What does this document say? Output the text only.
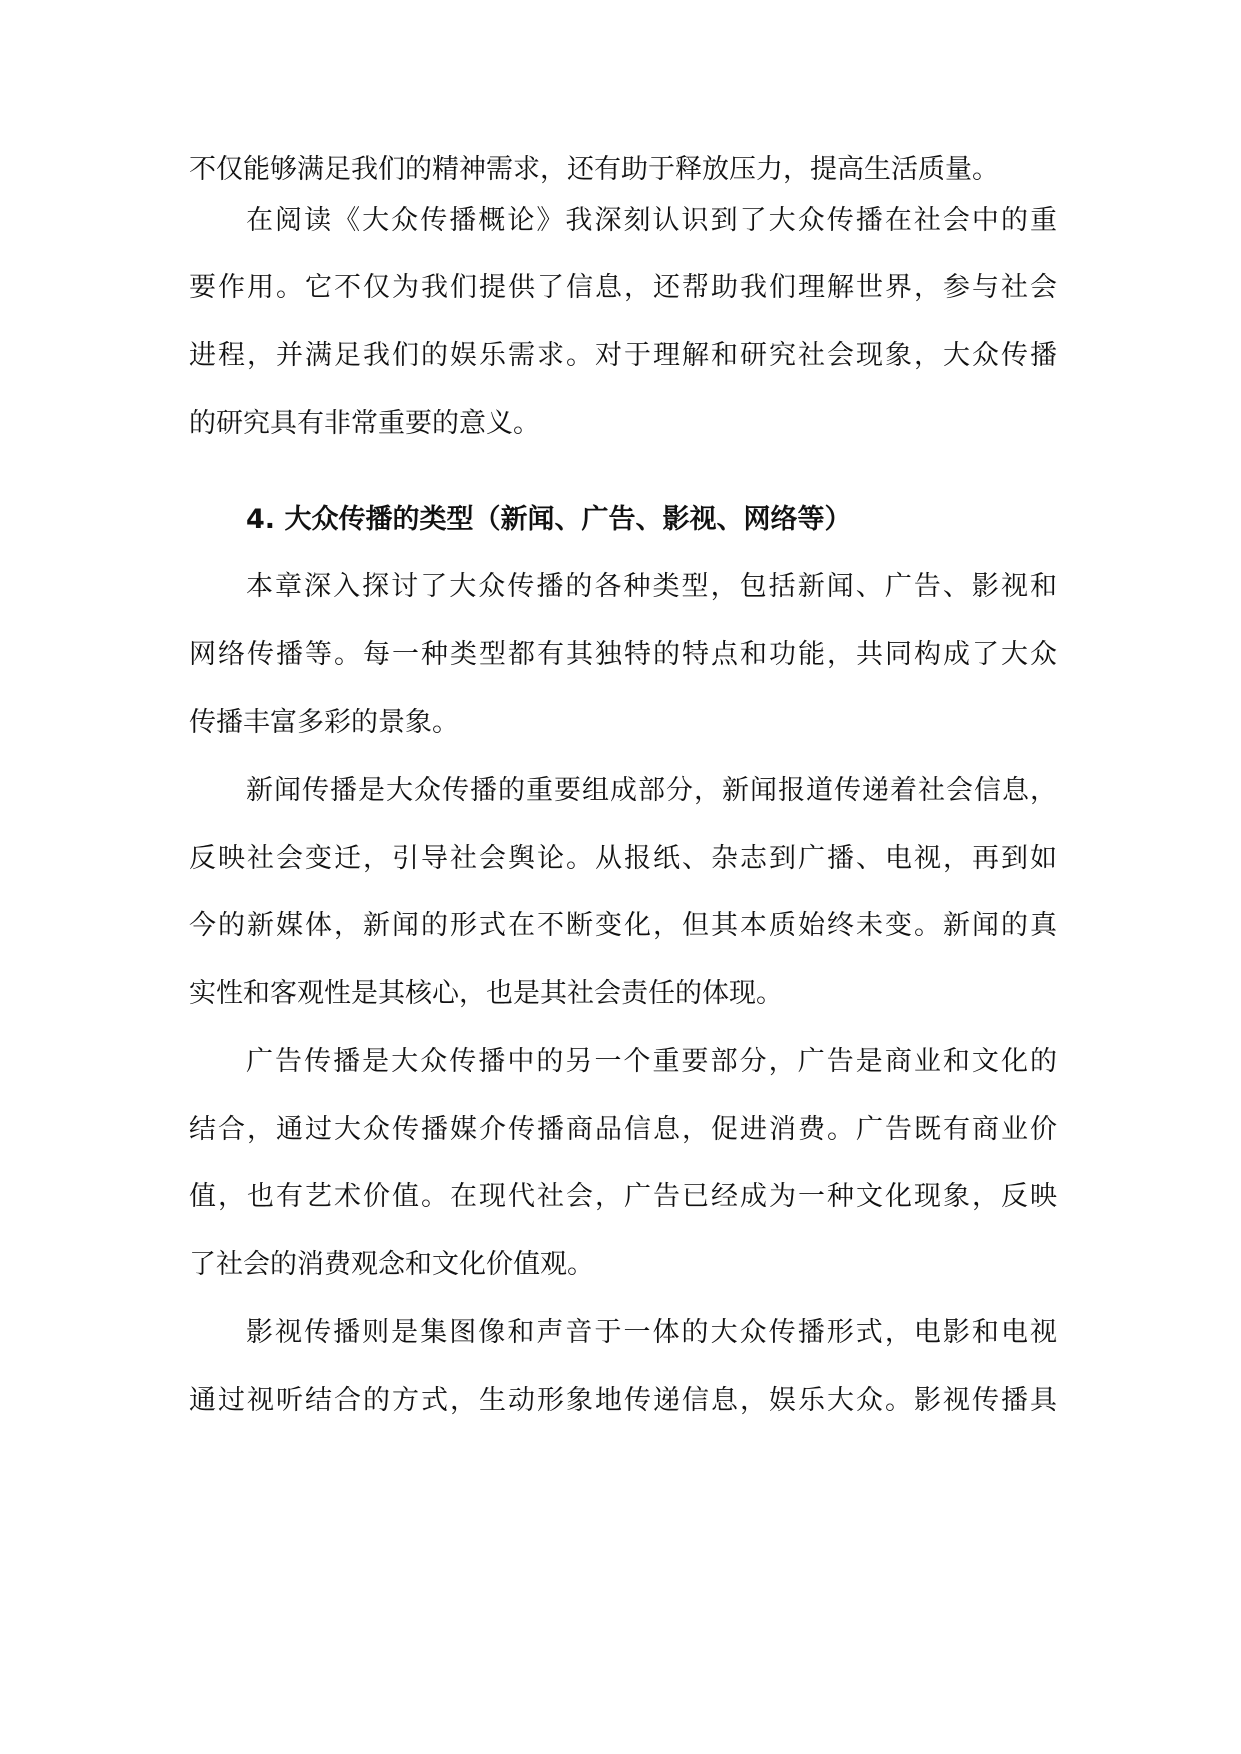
不仅能够满足我们的精神需求，还有助于释放压力，提高生活质量。
在阅读《大众传播概论》我深刻认识到了大众传播在社会中的重
要作用。它不仅为我们提供了信息，还帮助我们理解世界，参与社会
进程，并满足我们的娱乐需求。对于理解和研究社会现象，大众传播
的研究具有非常重要的意义。
4. 大众传播的类型（新闻、广告、影视、网络等）
本章深入探讨了大众传播的各种类型，包括新闻、广告、影视和
网络传播等。每一种类型都有其独特的特点和功能，共同构成了大众
传播丰富多彩的景象。
新闻传播是大众传播的重要组成部分，新闻报道传递着社会信息，
反映社会变迁，引导社会舆论。从报纸、杂志到广播、电视，再到如
今的新媒体，新闻的形式在不断变化，但其本质始终未变。新闻的真
实性和客观性是其核心，也是其社会责任的体现。
广告传播是大众传播中的另一个重要部分，广告是商业和文化的
结合，通过大众传播媒介传播商品信息，促进消费。广告既有商业价
值，也有艺术价值。在现代社会，广告已经成为一种文化现象，反映
了社会的消费观念和文化价值观。
影视传播则是集图像和声音于一体的大众传播形式，电影和电视
通过视听结合的方式，生动形象地传递信息，娱乐大众。影视传播具
